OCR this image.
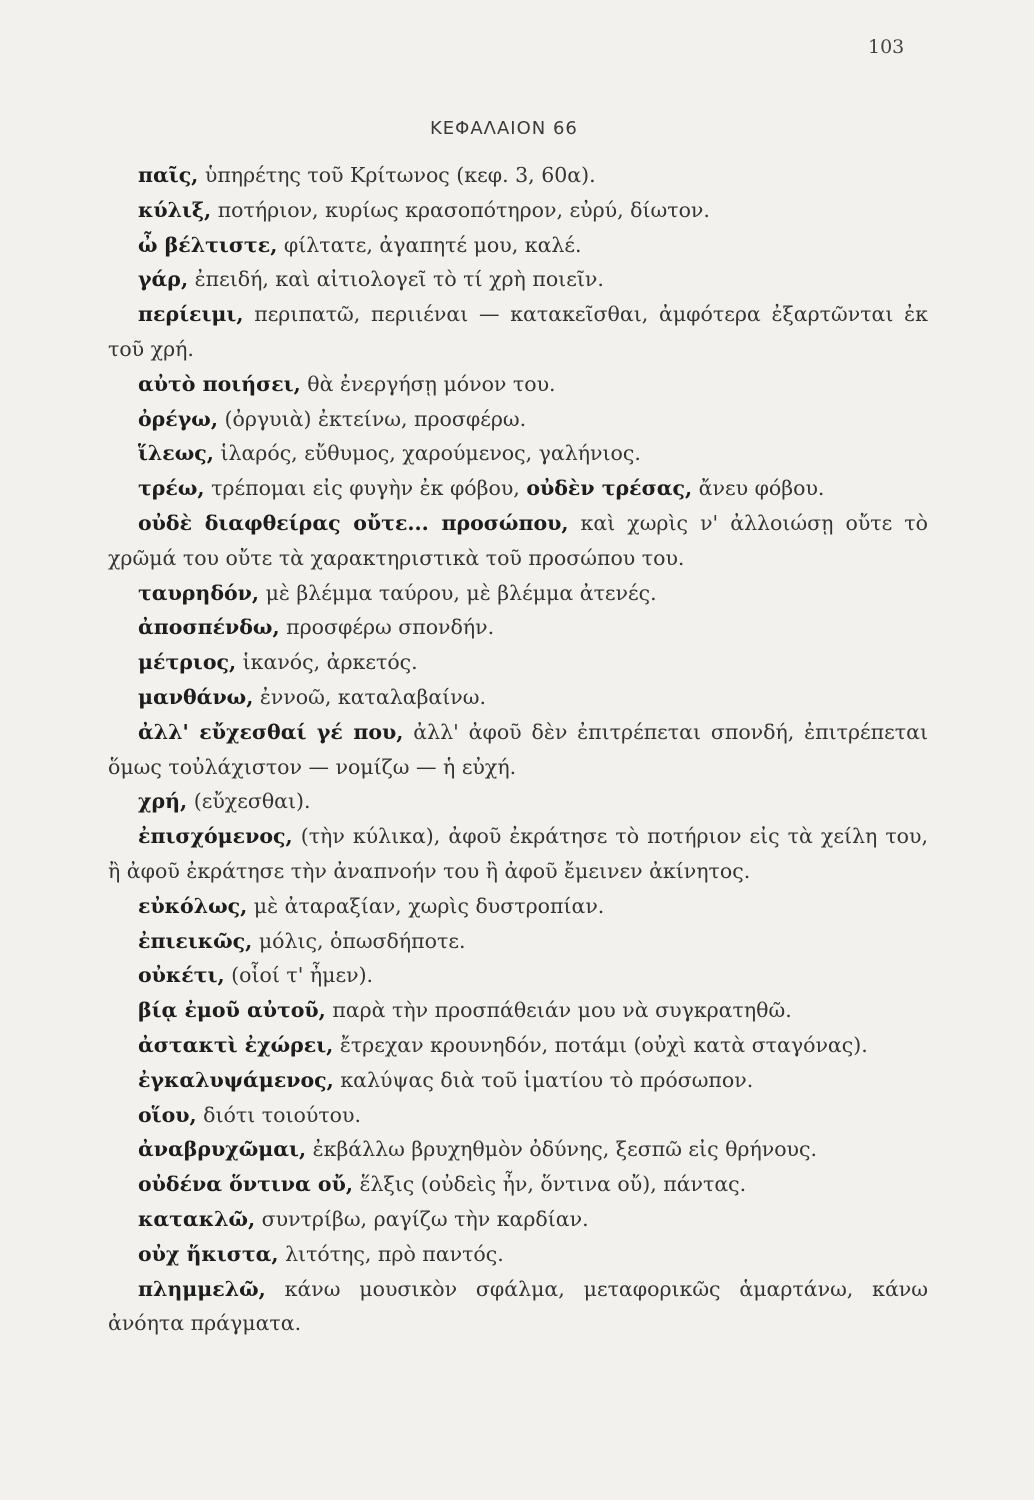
103
ΚΕΦΑΛΑΙΟΝ 66
παῖς, ὑπηρέτης τοῦ Κρίτωνος (κεφ. 3, 60α).
κύλιξ, ποτήριον, κυρίως κρασοπότηρον, εὐρύ, δίωτον.
ὦ βέλτιστε, φίλτατε, ἀγαπητέ μου, καλέ.
γάρ, ἐπειδή, καὶ αἰτιολογεῖ τὸ τί χρὴ ποιεῖν.
περίειμι, περιπατῶ, περιιέναι — κατακεῖσθαι, ἀμφότερα ἐξαρτῶνται ἐκ τοῦ χρή.
αὐτὸ ποιήσει, θὰ ἐνεργήσῃ μόνον του.
ὀρέγω, (ὀργυιὰ) ἐκτείνω, προσφέρω.
ἵλεως, ἱλαρός, εὔθυμος, χαρούμενος, γαλήνιος.
τρέω, τρέπομαι εἰς φυγὴν ἐκ φόβου, οὐδὲν τρέσας, ἄνευ φόβου.
οὐδὲ διαφθείρας οὔτε... προσώπου, καὶ χωρὶς ν' ἀλλοιώσῃ οὔτε τὸ χρῶμά του οὔτε τὰ χαρακτηριστικὰ τοῦ προσώπου του.
ταυρηδόν, μὲ βλέμμα ταύρου, μὲ βλέμμα ἀτενές.
ἀποσπένδω, προσφέρω σπονδήν.
μέτριος, ἱκανός, ἀρκετός.
μανθάνω, ἐννοῶ, καταλαβαίνω.
ἀλλ' εὔχεσθαί γέ που, ἀλλ' ἀφοῦ δὲν ἐπιτρέπεται σπονδή, ἐπιτρέπεται ὅμως τοὐλάχιστον — νομίζω — ἡ εὐχή.
χρή, (εὔχεσθαι).
ἐπισχόμενος, (τὴν κύλικα), ἀφοῦ ἐκράτησε τὸ ποτήριον εἰς τὰ χείλη του, ἢ ἀφοῦ ἐκράτησε τὴν ἀναπνοήν του ἢ ἀφοῦ ἔμεινεν ἀκίνητος.
εὐκόλως, μὲ ἀταραξίαν, χωρὶς δυστροπίαν.
ἐπιεικῶς, μόλις, ὁπωσδήποτε.
οὐκέτι, (οἷοί τ' ἦμεν).
βίᾳ ἐμοῦ αὐτοῦ, παρὰ τὴν προσπάθειάν μου νὰ συγκρατηθῶ.
ἀστακτὶ ἐχώρει, ἔτρεχαν κρουνηδόν, ποτάμι (οὐχὶ κατὰ σταγόνας).
ἐγκαλυψάμενος, καλύψας διὰ τοῦ ἱματίου τὸ πρόσωπον.
οἵου, διότι τοιούτου.
ἀναβρυχῶμαι, ἐκβάλλω βρυχηθμὸν ὀδύνης, ξεσπῶ εἰς θρήνους.
οὐδένα ὅντινα οὔ, ἕλξις (οὐδεὶς ἦν, ὅντινα οὔ), πάντας.
κατακλῶ, συντρίβω, ραγίζω τὴν καρδίαν.
οὐχ ἥκιστα, λιτότης, πρὸ παντός.
πλημμελῶ, κάνω μουσικὸν σφάλμα, μεταφορικῶς ἁμαρτάνω, κάνω ἀνόητα πράγματα.
